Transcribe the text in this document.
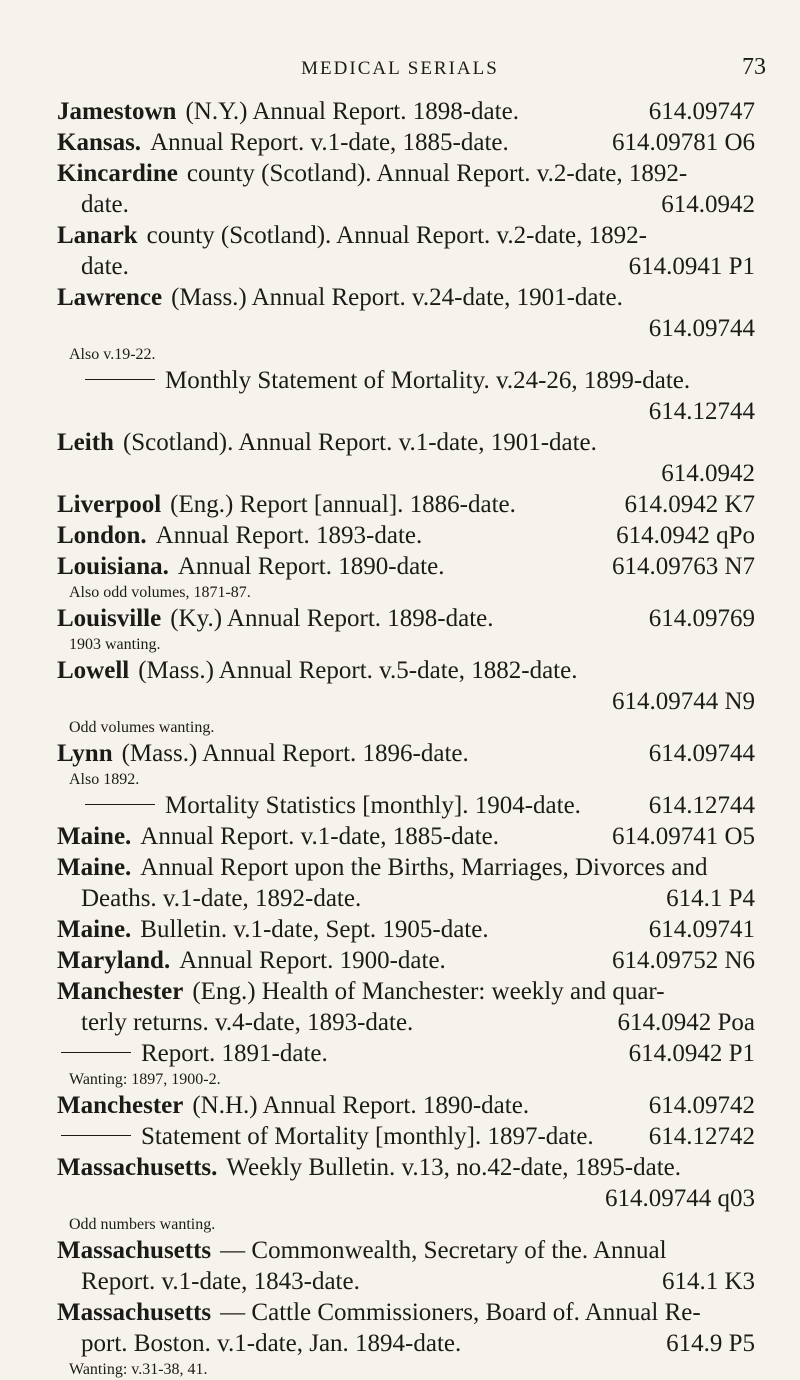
MEDICAL SERIALS	73
Jamestown (N.Y.) Annual Report. 1898-date.	614.09747
Kansas. Annual Report. v.1-date, 1885-date.	614.09781 O6
Kincardine county (Scotland). Annual Report. v.2-date, 1892-
date.	614.0942
Lanark county (Scotland). Annual Report. v.2-date, 1892-
date.	614.0941 P1
Lawrence (Mass.) Annual Report. v.24-date, 1901-date.
614.09744
Also v.19-22.
Monthly Statement of Mortality. v.24-26, 1899-date.
614.12744
Leith (Scotland). Annual Report. v.1-date, 1901-date.
614.0942
Liverpool (Eng.) Report [annual]. 1886-date.	614.0942 K7
London. Annual Report. 1893-date.	614.0942 qPo
Louisiana. Annual Report. 1890-date.	614.09763 N7
Also odd volumes, 1871-87.
Louisville (Ky.) Annual Report. 1898-date.	614.09769
1903 wanting.
Lowell (Mass.) Annual Report. v.5-date, 1882-date.
614.09744 N9
Odd volumes wanting.
Lynn (Mass.) Annual Report. 1896-date.	614.09744
Also 1892.
Mortality Statistics [monthly]. 1904-date.	614.12744
Maine. Annual Report. v.1-date, 1885-date.	614.09741 O5
Maine. Annual Report upon the Births, Marriages, Divorces and
Deaths. v.1-date, 1892-date.	614.1 P4
Maine. Bulletin. v.1-date, Sept. 1905-date.	614.09741
Maryland. Annual Report. 1900-date.	614.09752 N6
Manchester (Eng.) Health of Manchester: weekly and quar-
terly returns. v.4-date, 1893-date.	614.0942 Poa
Report. 1891-date.	614.0942 P1
Wanting: 1897, 1900-2.
Manchester (N.H.) Annual Report. 1890-date.	614.09742
Statement of Mortality [monthly]. 1897-date. 614.12742
Massachusetts. Weekly Bulletin. v.13, no.42-date, 1895-date.
614.09744 q03
Odd numbers wanting.
Massachusetts — Commonwealth, Secretary of the. Annual
Report. v.1-date, 1843-date.	614.1 K3
Massachusetts — Cattle Commissioners, Board of. Annual Re-
port. Boston. v.1-date, Jan. 1894-date.	614.9 P5
Wanting: v.31-38, 41.
